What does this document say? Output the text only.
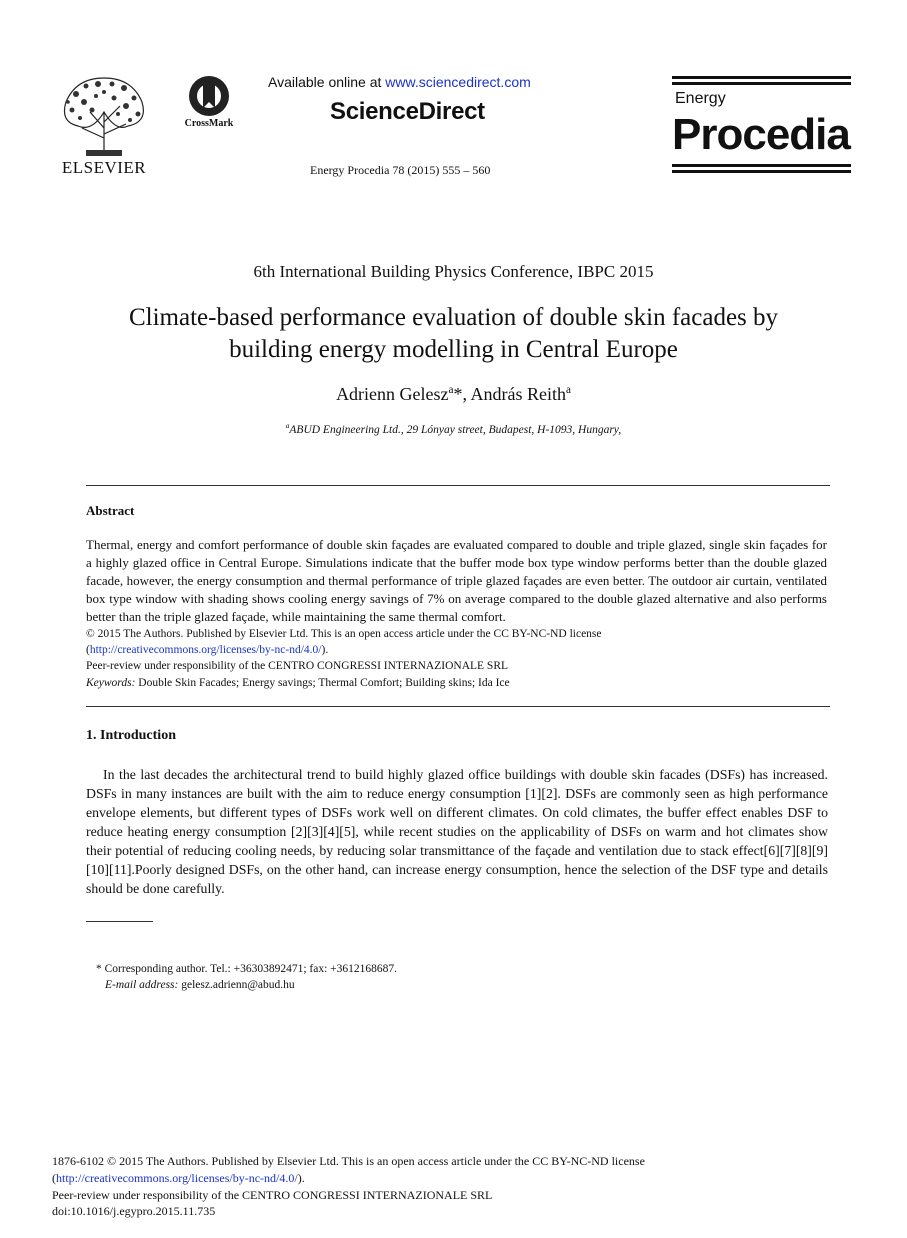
ELSEVIER
CrossMark
Available online at www.sciencedirect.com
ScienceDirect
Energy Procedia 78 (2015) 555 – 560
Energy
Procedia
6th International Building Physics Conference, IBPC 2015
Climate-based performance evaluation of double skin facades by
building energy modelling in Central Europe
Adrienn Gelesz$^a$*, András Reith$^a$
$^a$ABUD Engineering Ltd., 29 Lónyay street, Budapest, H-1093, Hungary,
Abstract
Thermal, energy and comfort performance of double skin façades are evaluated compared to double and triple glazed, single skin façades for a highly glazed office in Central Europe. Simulations indicate that the buffer mode box type window performs better than the double glazed facade, however, the energy consumption and thermal performance of triple glazed façades are even better. The outdoor air curtain, ventilated box type window with shading shows cooling energy savings of 7% on average compared to the double glazed alternative and also performs better than the triple glazed façade, while maintaining the same thermal comfort.
© 2015 The Authors. Published by Elsevier Ltd. This is an open access article under the CC BY-NC-ND license
(http://creativecommons.org/licenses/by-nc-nd/4.0/).
Peer-review under responsibility of the CENTRO CONGRESSI INTERNAZIONALE SRL
Keywords: Double Skin Facades; Energy savings; Thermal Comfort; Building skins; Ida Ice
1. Introduction
In the last decades the architectural trend to build highly glazed office buildings with double skin facades (DSFs) has increased. DSFs in many instances are built with the aim to reduce energy consumption [1][2]. DSFs are commonly seen as high performance envelope elements, but different types of DSFs work well on different climates. On cold climates, the buffer effect enables DSF to reduce heating energy consumption [2][3][4][5], while recent studies on the applicability of DSFs on warm and hot climates show their potential of reducing cooling needs, by reducing solar transmittance of the façade and ventilation due to stack effect[6][7][8][9][10][11].Poorly designed DSFs, on the other hand, can increase energy consumption, hence the selection of the DSF type and details should be done carefully.
* Corresponding author. Tel.: +36303892471; fax: +3612168687.
E-mail address: gelesz.adrienn@abud.hu
1876-6102 © 2015 The Authors. Published by Elsevier Ltd. This is an open access article under the CC BY-NC-ND license
(http://creativecommons.org/licenses/by-nc-nd/4.0/).
Peer-review under responsibility of the CENTRO CONGRESSI INTERNAZIONALE SRL
doi:10.1016/j.egypro.2015.11.735
